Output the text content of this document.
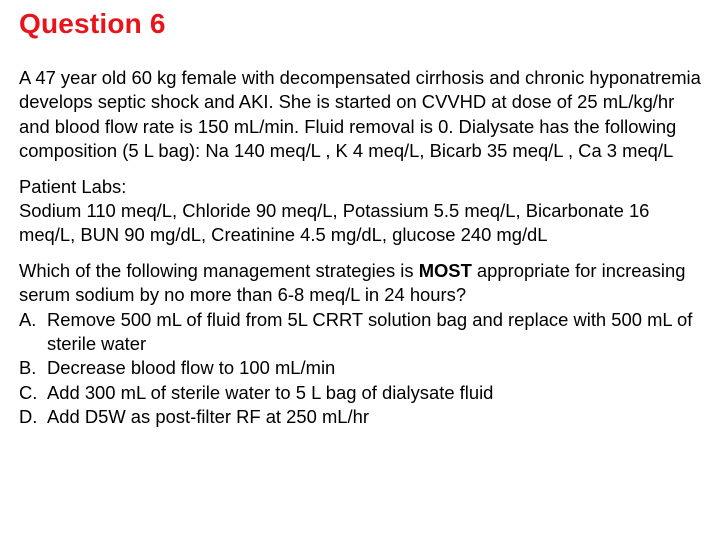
Question 6

A 47 year old 60 kg female with decompensated cirrhosis and chronic hyponatremia develops septic shock and AKI. She is started on CVVHD at dose of 25 mL/kg/hr and blood flow rate is 150 mL/min. Fluid removal is 0. Dialysate has the following composition (5 L bag): Na 140 meq/L , K 4 meq/L, Bicarb 35 meq/L , Ca 3 meq/L

Patient Labs:

Sodium 110 meq/L, Chloride 90 meq/L, Potassium 5.5 meq/L, Bicarbonate 16 meq/L, BUN 90 mg/dL, Creatinine 4.5 mg/dL, glucose 240 mg/dL

Which of the following management strategies is MOST appropriate for increasing serum sodium by no more than 6-8 meq/L in 24 hours?

A. Remove 500 mL of fluid from 5L CRRT solution bag and replace with 500 mL of sterile water
B. Decrease blood flow to 100 mL/min
C. Add 300 mL of sterile water to 5 L bag of dialysate fluid
D. Add D5W as post-filter RF at 250 mL/hr
